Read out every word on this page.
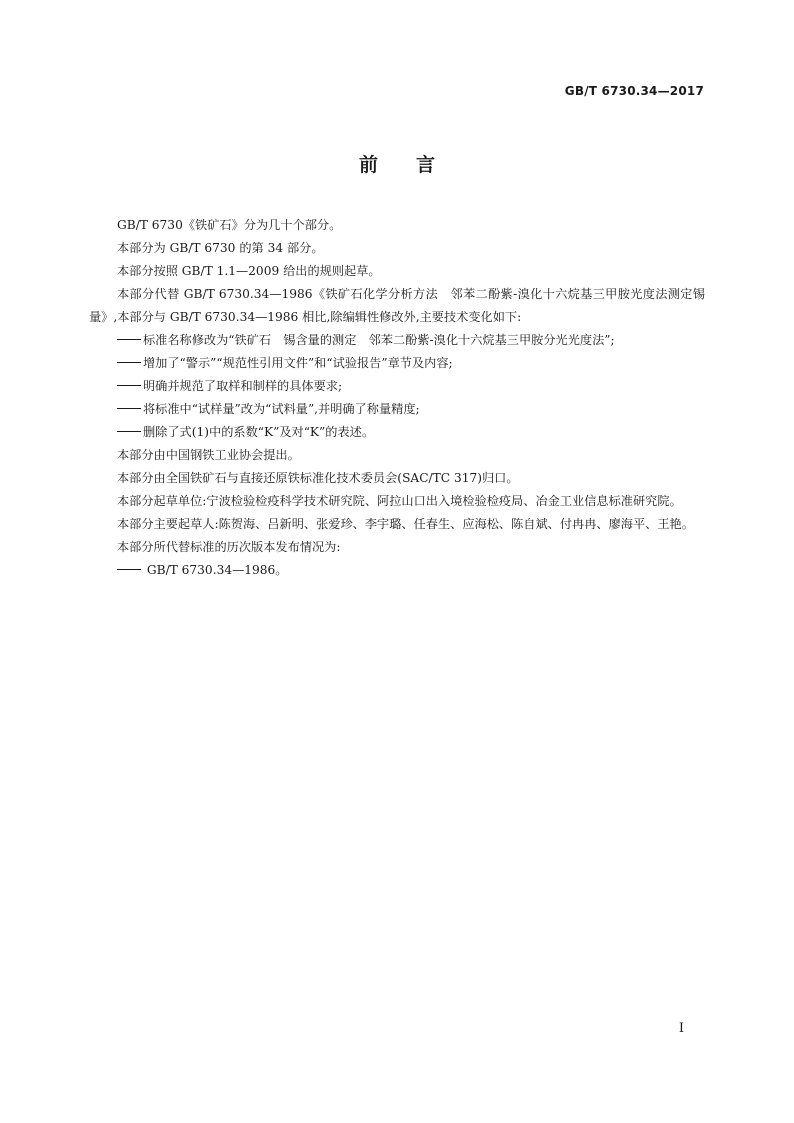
GB/T 6730.34—2017
前言

GB/T 6730《铁矿石》分为几十个部分。

本部分为 GB/T 6730 的第 34 部分。

本部分按照 GB/T 1.1—2009 给出的规则起草。

本部分代替 GB/T 6730.34—1986《铁矿石化学分析方法　邻苯二酚紫-溴化十六烷基三甲胺光度法测定锡量》,本部分与 GB/T 6730.34—1986 相比,除编辑性修改外,主要技术变化如下:

标准名称修改为“铁矿石　锡含量的测定　邻苯二酚紫-溴化十六烷基三甲胺分光光度法”;

增加了“警示”“规范性引用文件”和“试验报告”章节及内容;

明确并规范了取样和制样的具体要求;

将标准中“试样量”改为“试料量”,并明确了称量精度;

删除了式(1)中的系数“K”及对“K”的表述。

本部分由中国钢铁工业协会提出。

本部分由全国铁矿石与直接还原铁标准化技术委员会(SAC/TC 317)归口。

本部分起草单位:宁波检验检疫科学技术研究院、阿拉山口出入境检验检疫局、冶金工业信息标准研究院。

本部分主要起草人:陈贺海、吕新明、张爱珍、李宇璐、任春生、应海松、陈自斌、付冉冉、廖海平、王艳。

本部分所代替标准的历次版本发布情况为:

GB/T 6730.34—1986。

I
